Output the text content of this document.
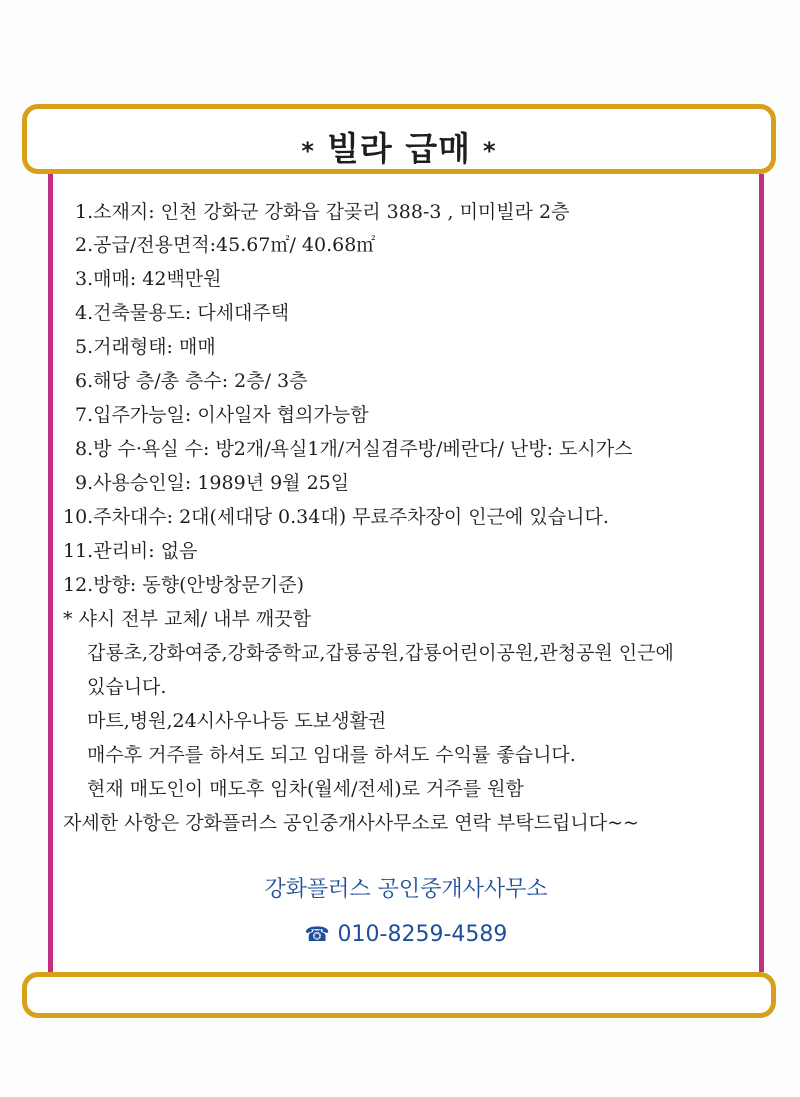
* 빌라 급매 *
1.소재지: 인천 강화군 강화읍 갑곶리 388-3 , 미미빌라 2층
2.공급/전용면적:45.67㎡/ 40.68㎡
3.매매: 42백만원
4.건축물용도: 다세대주택
5.거래형태: 매매
6.해당 층/총 층수: 2층/ 3층
7.입주가능일: 이사일자 협의가능함
8.방 수·욕실 수: 방2개/욕실1개/거실겸주방/베란다/ 난방: 도시가스
9.사용승인일: 1989년 9월 25일
10.주차대수: 2대(세대당 0.34대) 무료주차장이 인근에 있습니다.
11.관리비: 없음
12.방향: 동향(안방창문기준)
* 샤시 전부 교체/ 내부 깨끗함
갑룡초,강화여중,강화중학교,갑룡공원,갑룡어린이공원,관청공원 인근에
있습니다.
마트,병원,24시사우나등 도보생활권
매수후 거주를 하셔도 되고 임대를 하셔도 수익률 좋습니다.
현재 매도인이 매도후 임차(월세/전세)로 거주를 원함
자세한 사항은 강화플러스 공인중개사사무소로 연락 부탁드립니다~~
강화플러스 공인중개사사무소
☎ 010-8259-4589
